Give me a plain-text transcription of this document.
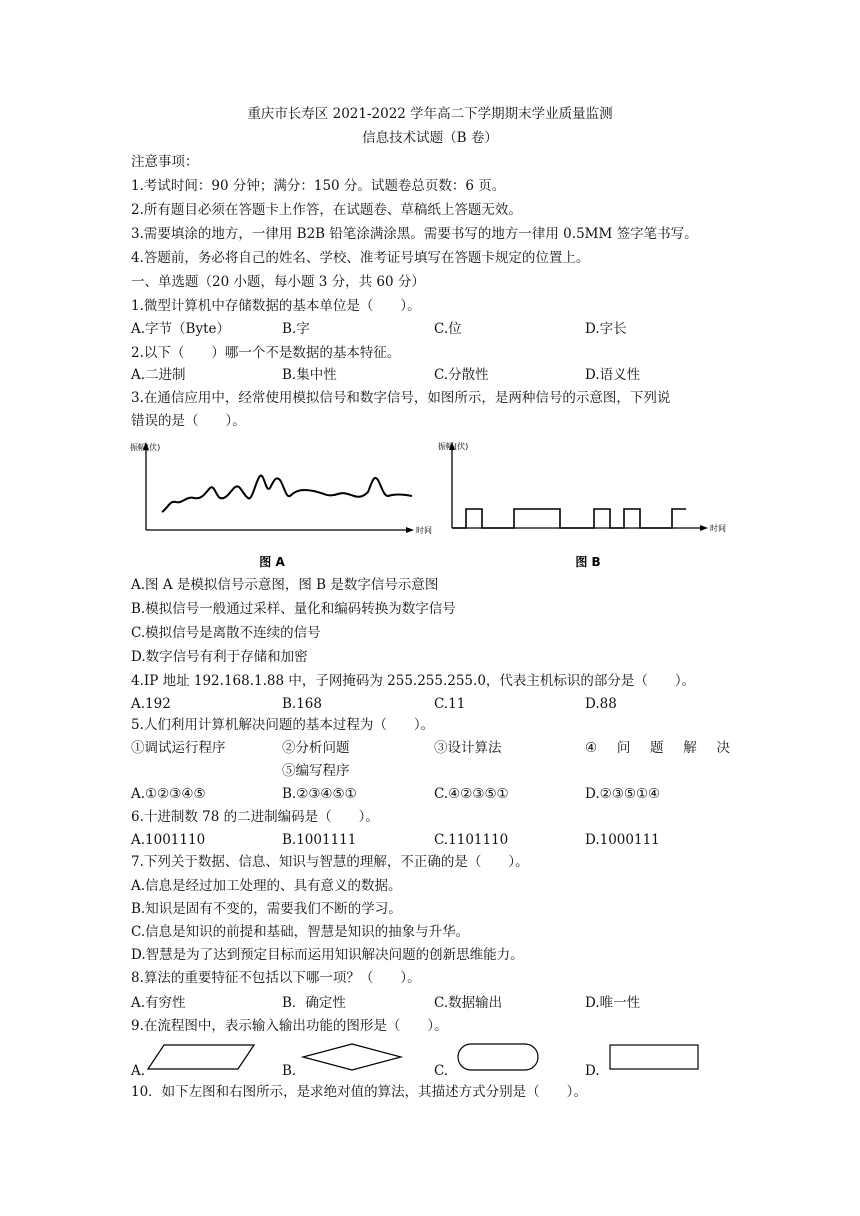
重庆市长寿区 2021-2022 学年高二下学期期末学业质量监测
信息技术试题（B 卷）
注意事项：
1.考试时间：90 分钟；满分：150 分。试题卷总页数：6 页。
2.所有题目必须在答题卡上作答，在试题卷、草稿纸上答题无效。
3.需要填涂的地方，一律用 B2B 铅笔涂满涂黑。需要书写的地方一律用 0.5MM 签字笔书写。
4.答题前，务必将自己的姓名、学校、准考证号填写在答题卡规定的位置上。
一、单选题（20 小题，每小题 3 分，共 60 分）
1.微型计算机中存储数据的基本单位是（　　）。
A.字节（Byte）	B.字	C.位	D.字长
2.以下（　　）哪一个不是数据的基本特征。
A.二进制	B.集中性	C.分散性	D.语义性
3.在通信应用中，经常使用模拟信号和数字信号，如图所示，是两种信号的示意图，下列说
错误的是（　　）。
振幅(伏)
时间
图 A
振幅(伏)
时间
图 B
A.图 A 是模拟信号示意图，图 B 是数字信号示意图
B.模拟信号一般通过采样、量化和编码转换为数字信号
C.模拟信号是离散不连续的信号
D.数字信号有利于存储和加密
4.IP 地址 192.168.1.88 中，子网掩码为 255.255.255.0，代表主机标识的部分是（　　）。
A.192	B.168	C.11	D.88
5.人们利用计算机解决问题的基本过程为（　　）。
①调试运行程序	②分析问题	③设计算法	④ 问 题 解 决
⑤编写程序
A.①②③④⑤	B.②③④⑤①	C.④②③⑤①	D.②③⑤①④
6.十进制数 78 的二进制编码是（　　）。
A.1001110	B.1001111	C.1101110	D.1000111
7.下列关于数据、信息、知识与智慧的理解，不正确的是（　　）。
A.信息是经过加工处理的、具有意义的数据。
B.知识是固有不变的，需要我们不断的学习。
C.信息是知识的前提和基础，智慧是知识的抽象与升华。
D.智慧是为了达到预定目标而运用知识解决问题的创新思维能力。
8.算法的重要特征不包括以下哪一项？（　　）。
A.有穷性	B．确定性	C.数据输出	D.唯一性
9.在流程图中，表示输入输出功能的图形是（　　）。
A.	B.	C.	D.
10．如下左图和右图所示，是求绝对值的算法，其描述方式分别是（　　）。
